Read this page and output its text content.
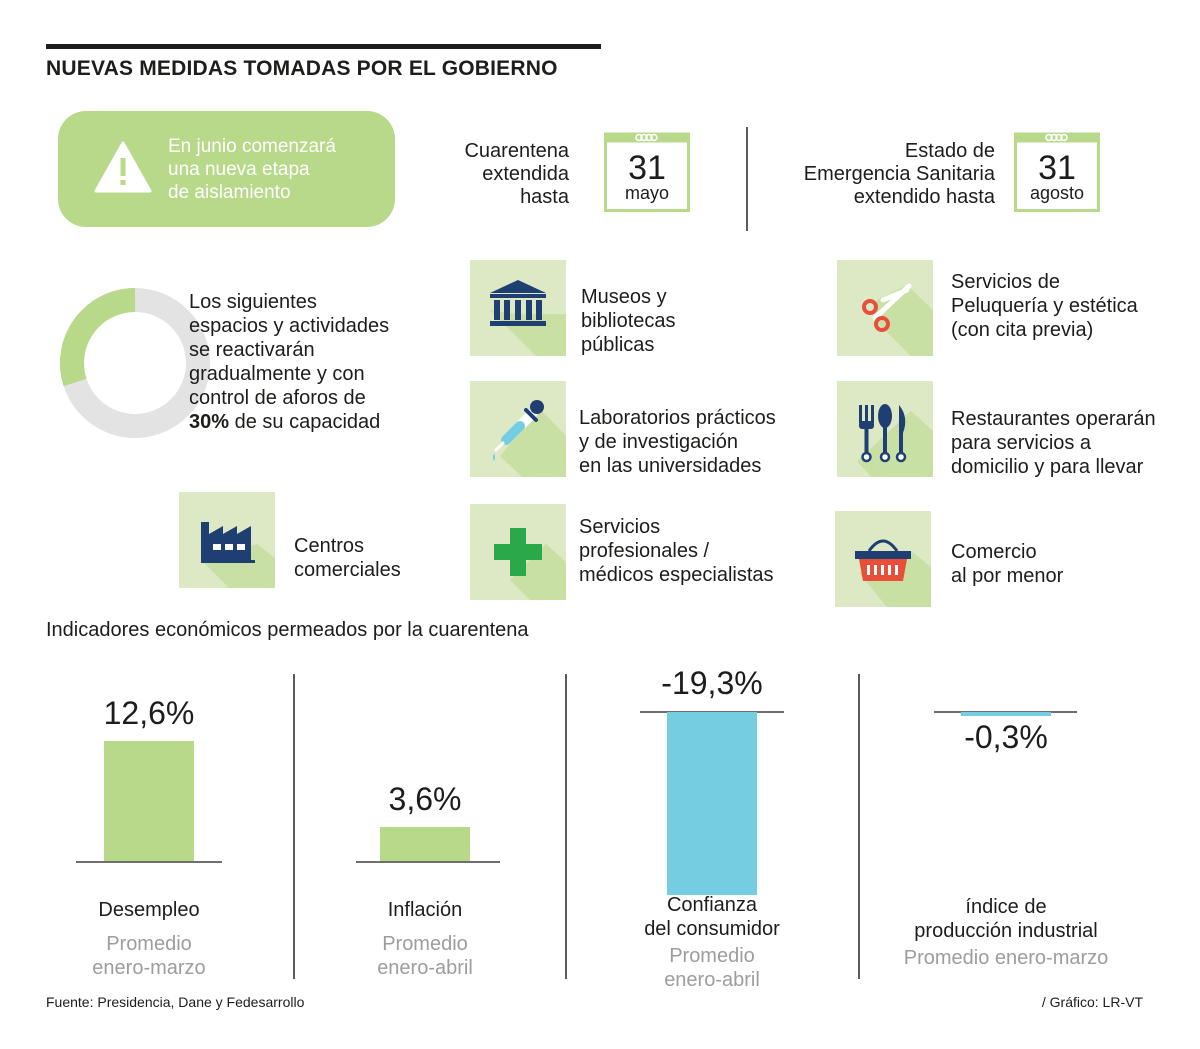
NUEVAS MEDIDAS TOMADAS POR EL GOBIERNO
En junio comenzará
una nueva etapa
de aislamiento
Cuarentena
extendida
hasta
31
mayo
Estado de
Emergencia Sanitaria
extendido hasta
31
agosto
Los siguientes
espacios y actividades
se reactivarán
gradualmente y con
control de aforos de
30% de su capacidad
Museos y
bibliotecas
públicas
Servicios de
Peluquería y estética
(con cita previa)
Laboratorios prácticos
y de investigación
en las universidades
Restaurantes operarán
para servicios a
domicilio y para llevar
Centros
comerciales
Servicios
profesionales /
médicos especialistas
Comercio
al por menor
Indicadores económicos permeados por la cuarentena
12,6%
Desempleo
Promedio
enero-marzo
3,6%
Inflación
Promedio
enero-abril
-19,3%
Confianza
del consumidor
Promedio
enero-abril
-0,3%
índice de
producción industrial
Promedio enero-marzo
Fuente: Presidencia, Dane y Fedesarrollo	/ Gráfico: LR-VT
